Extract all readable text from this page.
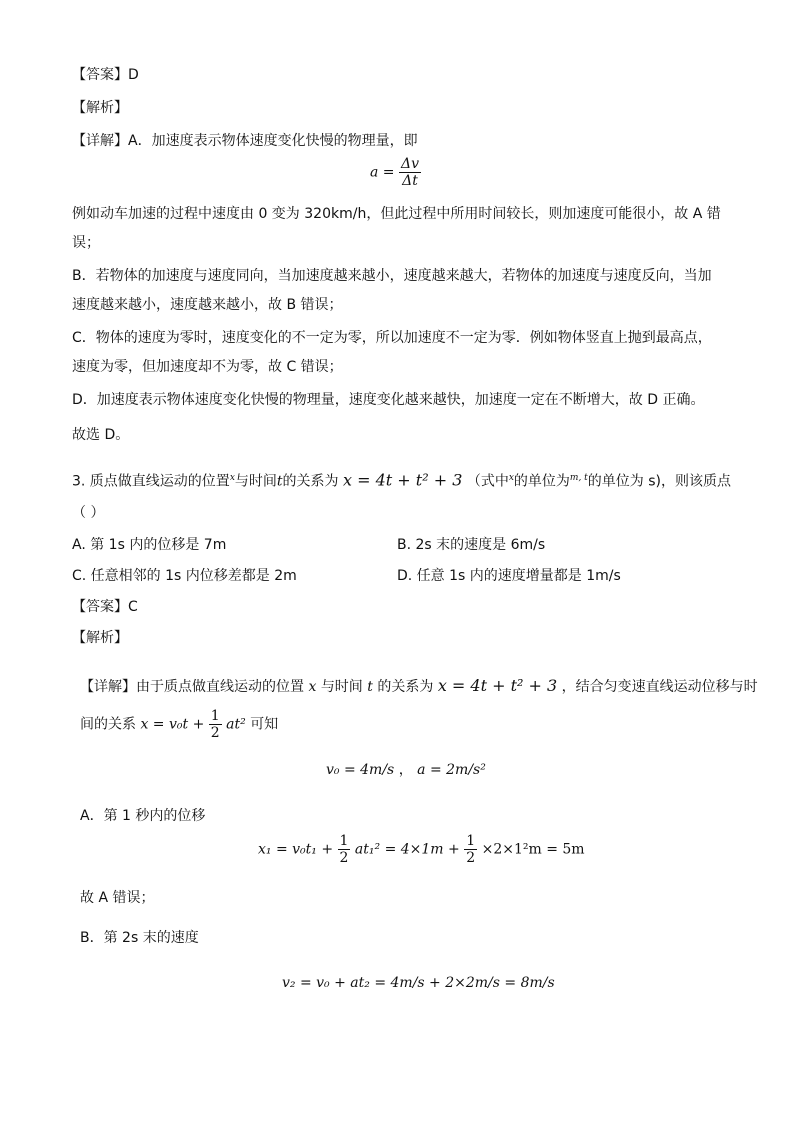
【答案】D
【解析】
【详解】A．加速度表示物体速度变化快慢的物理量，即
$a = \frac{\Delta v}{\Delta t}$
例如动车加速的过程中速度由 0 变为 320km/h，但此过程中所用时间较长，则加速度可能很小，故 A 错
误；
B．若物体的加速度与速度同向，当加速度越来越小，速度越来越大，若物体的加速度与速度反向，当加
速度越来越小，速度越来越小，故 B 错误；
C．物体的速度为零时，速度变化的不一定为零，所以加速度不一定为零．例如物体竖直上抛到最高点，
速度为零，但加速度却不为零，故 C 错误；
D．加速度表示物体速度变化快慢的物理量，速度变化越来越快，加速度一定在不断增大，故 D 正确。
故选 D。
3. 质点做直线运动的位置$^x$与时间t的关系为 x = 4t + t² + 3 （式中$^x$的单位为$^{m, t}$的单位为 s)，则该质点
（ ）
A. 第 1s 内的位移是 7m	B. 2s 末的速度是 6m/s
C. 任意相邻的 1s 内位移差都是 2m	D. 任意 1s 内的速度增量都是 1m/s
【答案】C
【解析】
【详解】由于质点做直线运动的位置 x 与时间 t 的关系为 x = 4t + t² + 3 ，结合匀变速直线运动位移与时
间的关系 $x = v_0t + \frac{1}{2} at^2$ 可知
v₀ = 4m/s ， a = 2m/s²
A．第 1 秒内的位移
$x_1 = v_0t_1 + \frac{1}{2} at_1^2 = 4\times 1m + \frac{1}{2} \times 2\times 1^2m = 5m$
故 A 错误；
B．第 2s 末的速度
v₂ = v₀ + at₂ = 4m/s + 2×2m/s = 8m/s
